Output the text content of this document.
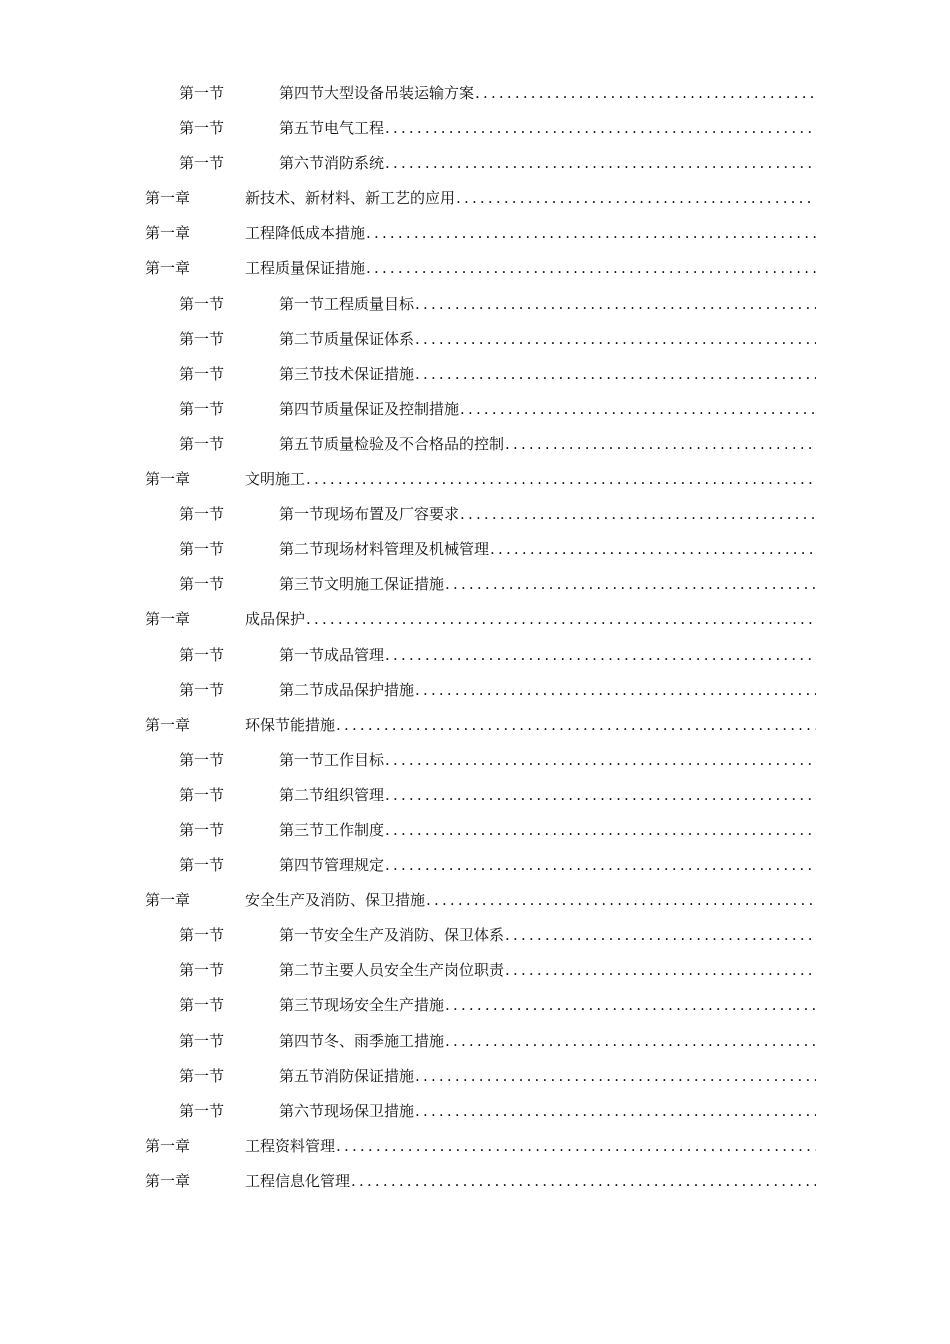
第一节	第四节大型设备吊装运输方案
.....
第一节	第五节电气工程
.....
第一节	第六节消防系统
.....
第一章	新技术、新材料、新工艺的应用
.....
第一章	工程降低成本措施
.....
第一章	工程质量保证措施
.....
第一节	第一节工程质量目标
.....
第一节	第二节质量保证体系
.....
第一节	第三节技术保证措施
.....
第一节	第四节质量保证及控制措施
.....
第一节	第五节质量检验及不合格品的控制
.....
第一章	文明施工
.....
第一节	第一节现场布置及厂容要求
.....
第一节	第二节现场材料管理及机械管理
.....
第一节	第三节文明施工保证措施
.....
第一章	成品保护
.....
第一节	第一节成品管理
.....
第一节	第二节成品保护措施
.....
第一章	环保节能措施
.....
第一节	第一节工作目标
.....
第一节	第二节组织管理
.....
第一节	第三节工作制度
.....
第一节	第四节管理规定
.....
第一章	安全生产及消防、保卫措施
.....
第一节	第一节安全生产及消防、保卫体系
.....
第一节	第二节主要人员安全生产岗位职责
.....
第一节	第三节现场安全生产措施
.....
第一节	第四节冬、雨季施工措施
.....
第一节	第五节消防保证措施
.....
第一节	第六节现场保卫措施
.....
第一章	工程资料管理
.....
第一章	工程信息化管理
.....
